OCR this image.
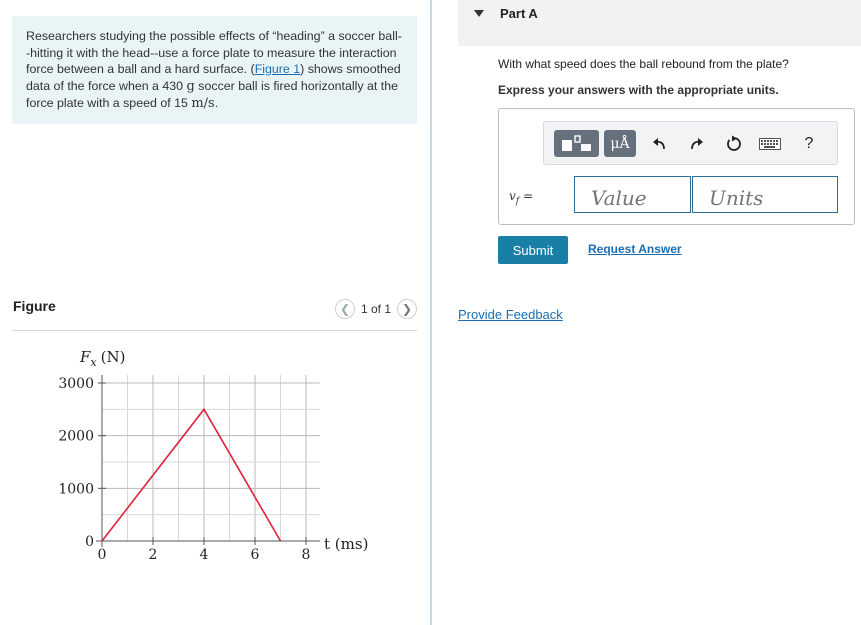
Researchers studying the possible effects of “heading” a soccer ball--hitting it with the head--use a force plate to measure the interaction force between a ball and a hard surface. (Figure 1) shows smoothed data of the force when a 430 g soccer ball is fired horizontally at the force plate with a speed of 15 m/s.
Figure	❮ 1 of 1 ❯
$F_x$ (N)
0	2	4	6	8
0
1000
2000
3000
t (ms)
Part A
With what speed does the ball rebound from the plate?
Express your answers with the appropriate units.
μÅ	?
$v_f$ =
Value
Units
Submit	Request Answer
Provide Feedback
